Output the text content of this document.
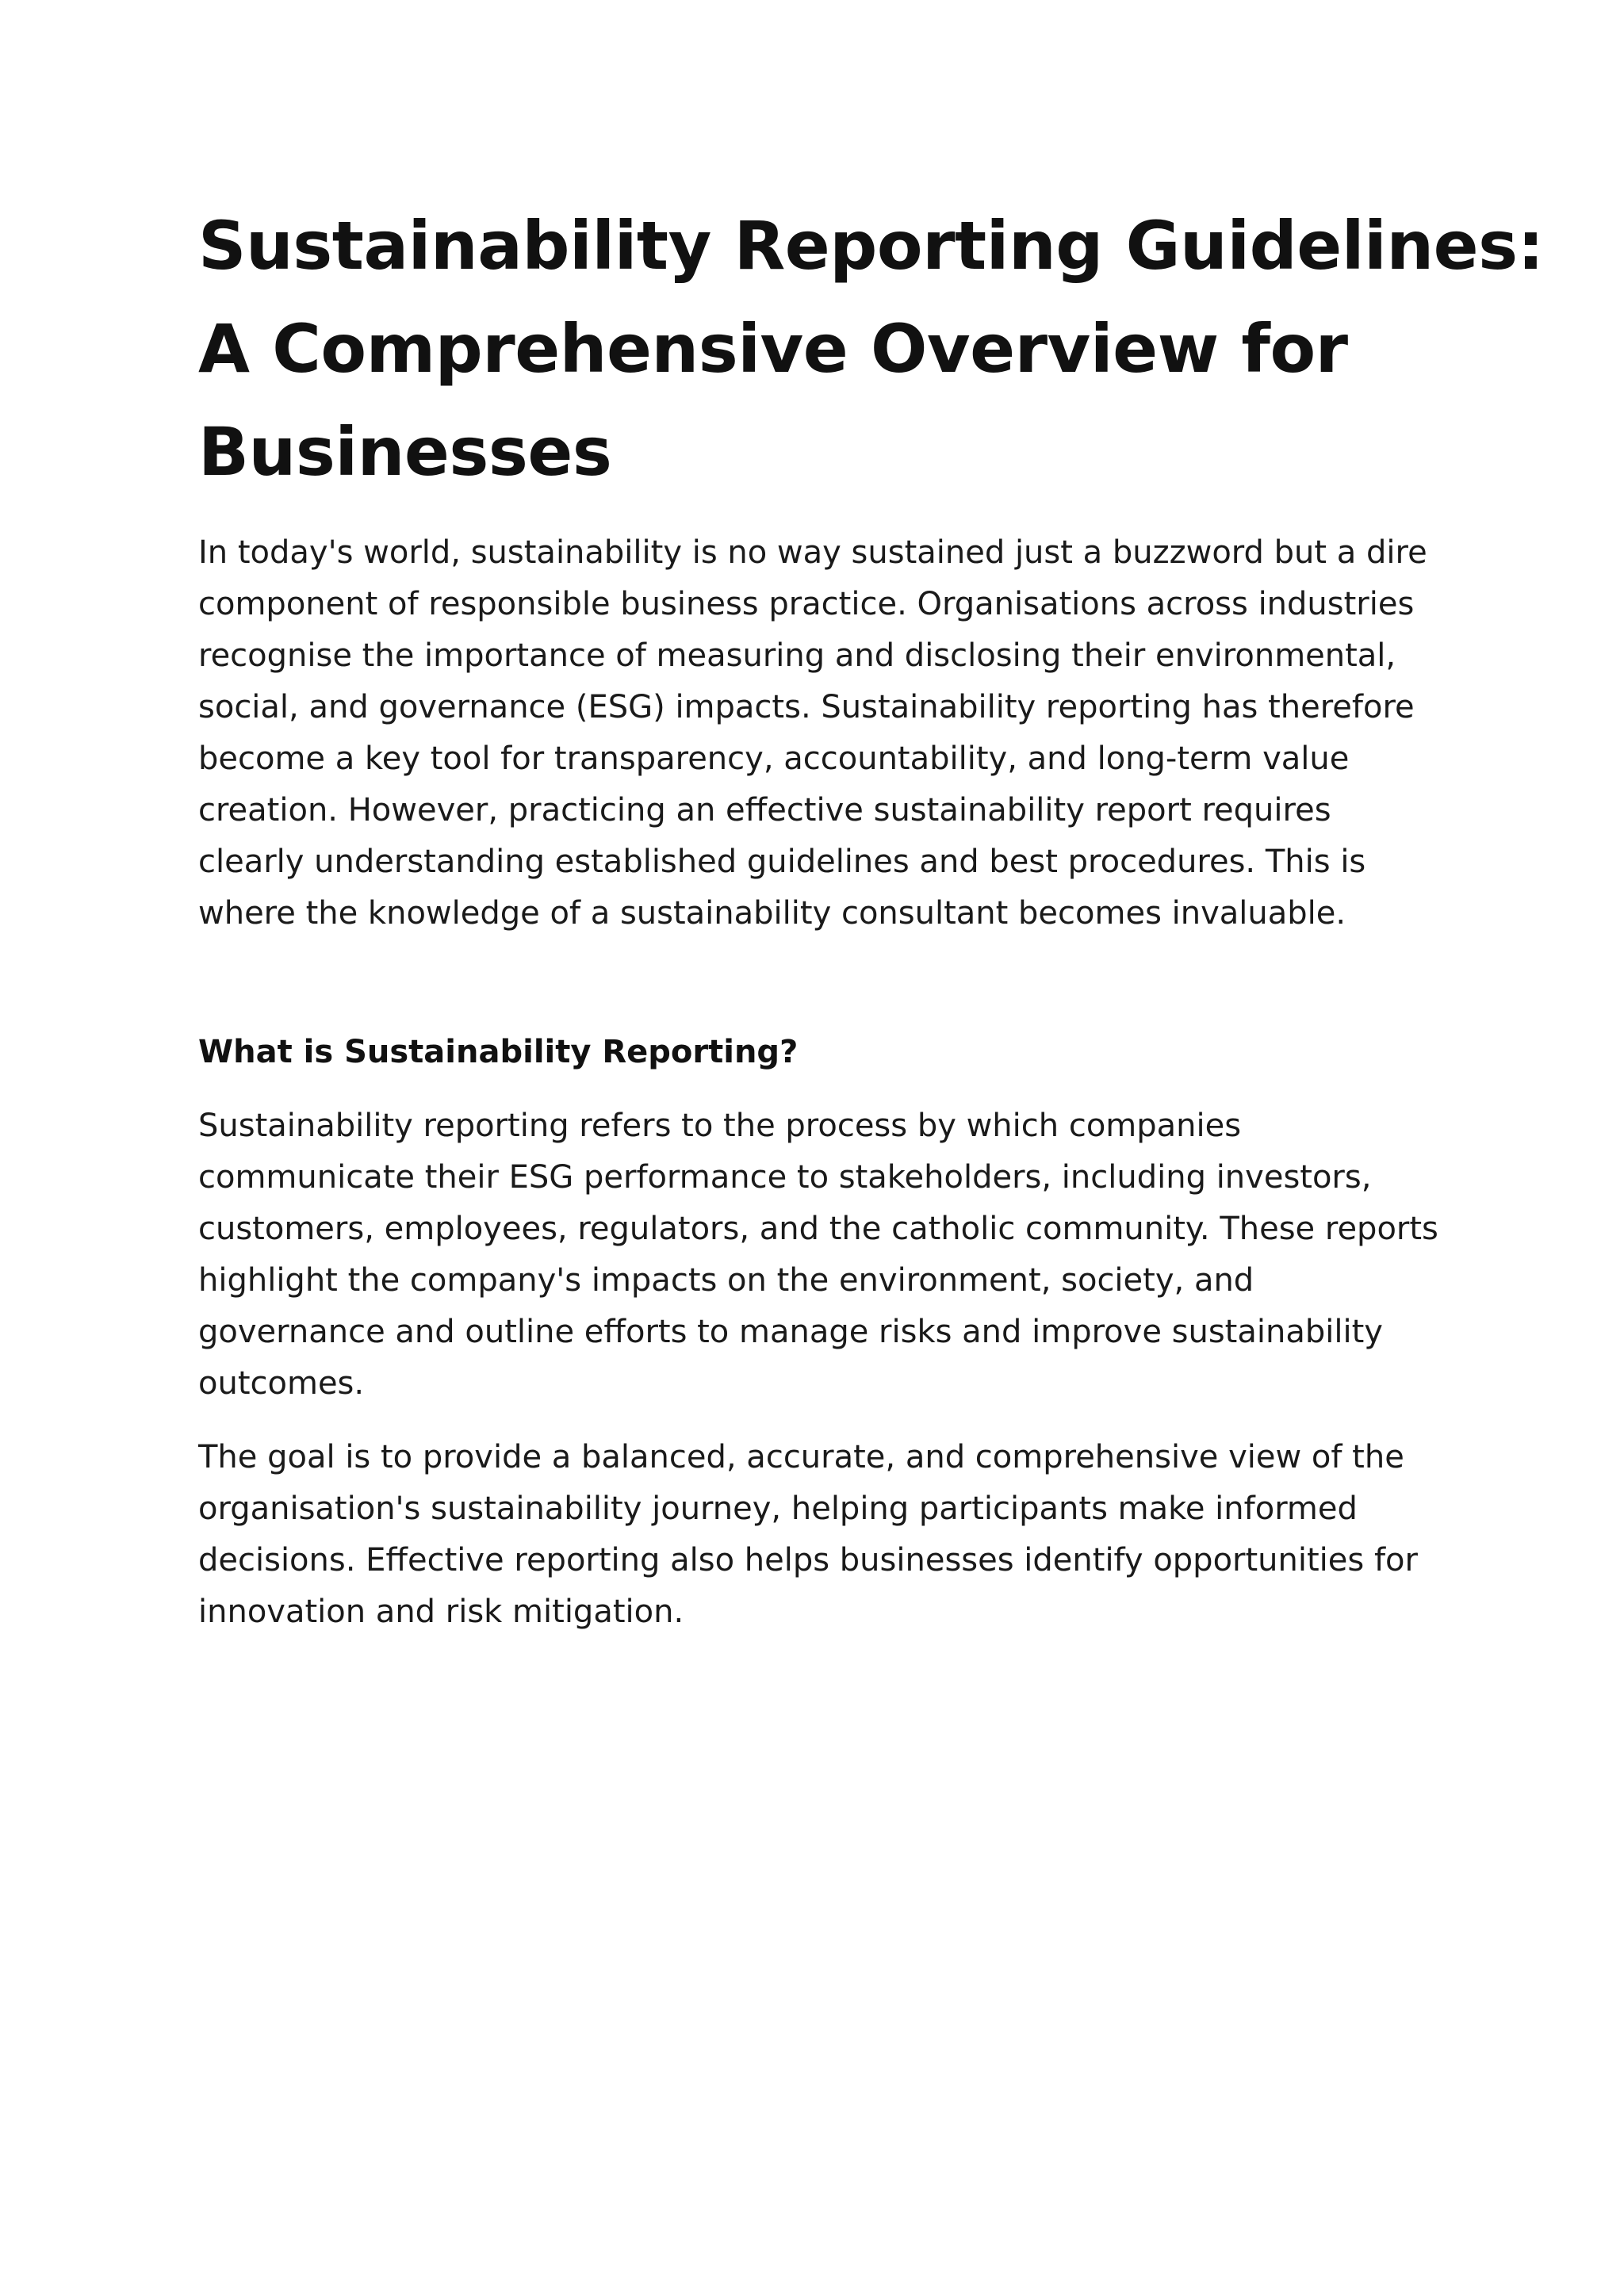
Sustainability Reporting Guidelines:
A Comprehensive Overview for
Businesses

In today's world, sustainability is no way sustained just a buzzword but a dire component of responsible business practice. Organisations across industries recognise the importance of measuring and disclosing their environmental, social, and governance (ESG) impacts. Sustainability reporting has therefore become a key tool for transparency, accountability, and long-term value creation. However, practicing an effective sustainability report requires clearly understanding established guidelines and best procedures. This is where the knowledge of a sustainability consultant becomes invaluable.

What is Sustainability Reporting?

Sustainability reporting refers to the process by which companies communicate their ESG performance to stakeholders, including investors, customers, employees, regulators, and the catholic community. These reports highlight the company's impacts on the environment, society, and governance and outline efforts to manage risks and improve sustainability outcomes.

The goal is to provide a balanced, accurate, and comprehensive view of the organisation's sustainability journey, helping participants make informed decisions. Effective reporting also helps businesses identify opportunities for innovation and risk mitigation.
